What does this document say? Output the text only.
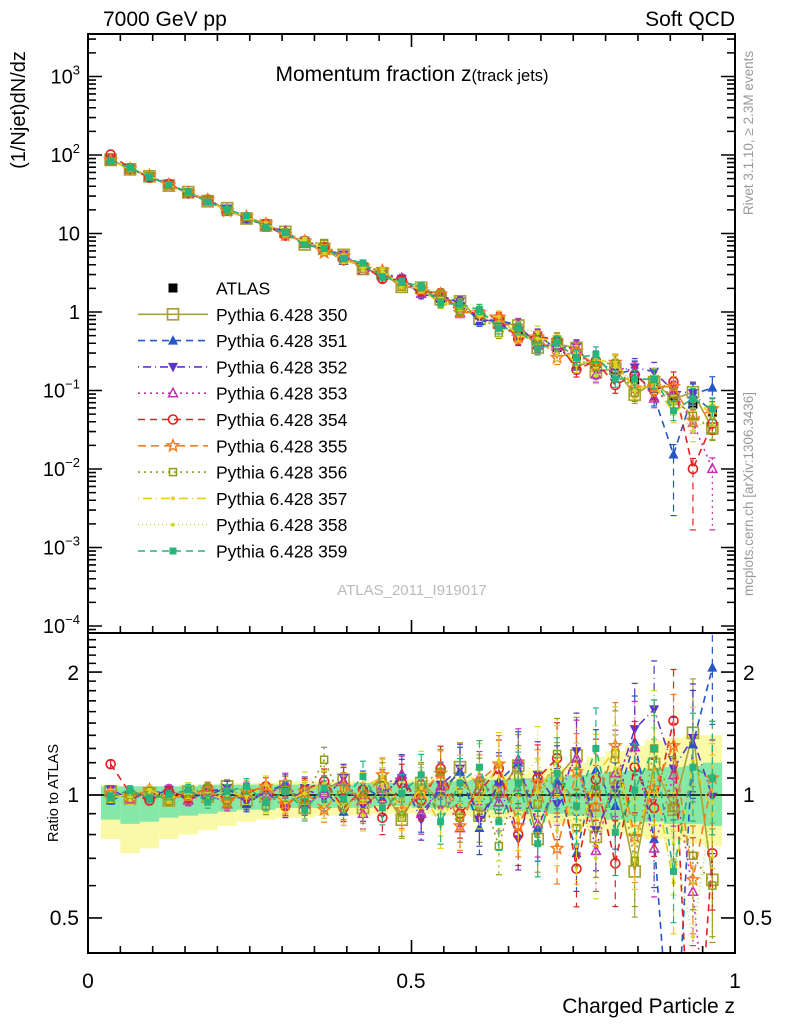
$10^3$
$10^2$
10
1
$10^{-1}$
$10^{-2}$
$10^{-3}$
$10^{-4}$
ATLAS
Pythia 6.428 350
Pythia 6.428 351
Pythia 6.428 352
Pythia 6.428 353
Pythia 6.428 354
Pythia 6.428 355
Pythia 6.428 356
Pythia 6.428 357
Pythia 6.428 358
Pythia 6.428 359
7000 GeV pp	Soft QCD
Momentum fraction z(track jets)
(1/Njet)dN/dz
Ratio to ATLAS
Charged Particle z
Rivet 3.1.10, ≥ 2.3M events
mcplots.cern.ch [arXiv:1306.3436]
ATLAS_2011_I919017
0	0.5	1
2
1
0.5
2
1
0.5
